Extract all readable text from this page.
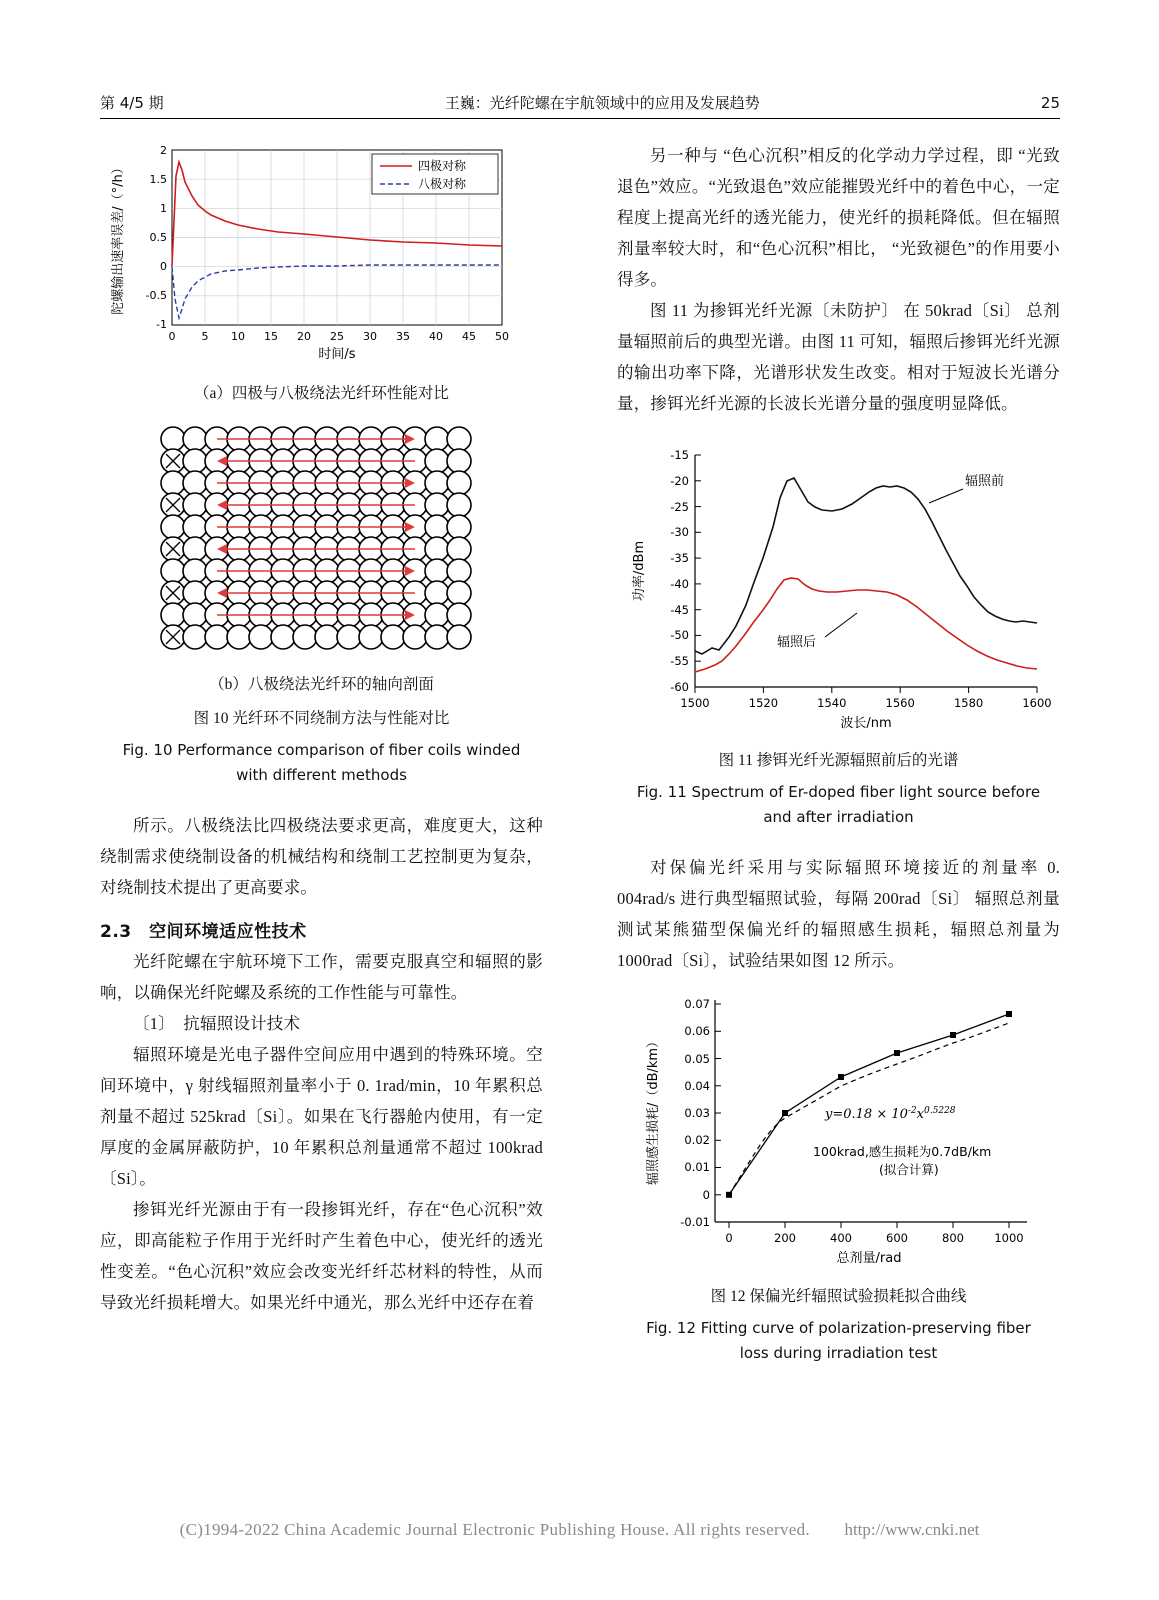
第 4/5 期	王巍：光纤陀螺在宇航领域中的应用及发展趋势	25
2
1.5
1
0.5
0
-0.5
-1
0 5 10 15 20 25 30 35 40 45 50
时间/s
陀螺输出速率误差/（°/h）	四极对称
八极对称
（a）四极与八极绕法光纤环性能对比
（b）八极绕法光纤环的轴向剖面
图 10 光纤环不同绕制方法与性能对比
Fig. 10 Performance comparison of fiber coils winded
with different methods

所示。八极绕法比四极绕法要求更高，难度更大，这种绕制需求使绕制设备的机械结构和绕制工艺控制更为复杂，对绕制技术提出了更高要求。

2.3　空间环境适应性技术

光纤陀螺在宇航环境下工作，需要克服真空和辐照的影响，以确保光纤陀螺及系统的工作性能与可靠性。

〔1〕　抗辐照设计技术

辐照环境是光电子器件空间应用中遇到的特殊环境。空间环境中，γ 射线辐照剂量率小于 0. 1rad/min，10 年累积总剂量不超过 525krad〔Si〕。如果在飞行器舱内使用，有一定厚度的金属屏蔽防护，10 年累积总剂量通常不超过 100krad〔Si〕。

掺铒光纤光源由于有一段掺铒光纤，存在“色心沉积”效应，即高能粒子作用于光纤时产生着色中心，使光纤的透光性变差。“色心沉积”效应会改变光纤纤芯材料的特性，从而导致光纤损耗增大。如果光纤中通光，那么光纤中还存在着

另一种与 “色心沉积”相反的化学动力学过程，即 “光致退色”效应。“光致退色”效应能摧毁光纤中的着色中心，一定程度上提高光纤的透光能力，使光纤的损耗降低。但在辐照剂量率较大时，和“色心沉积”相比， “光致褪色”的作用要小得多。

图 11 为掺铒光纤光源〔未防护〕 在 50krad〔Si〕 总剂量辐照前后的典型光谱。由图 11 可知，辐照后掺铒光纤光源的输出功率下降，光谱形状发生改变。相对于短波长光谱分量，掺铒光纤光源的长波长光谱分量的强度明显降低。

-15
-20
-25
-30
-35
-40
-45
-50
-55
-60
1500	1520	1540	1560	1580	1600
波长/nm
功率/dBm
辐照前
辐照后
图 11 掺铒光纤光源辐照前后的光谱
Fig. 11 Spectrum of Er-doped fiber light source before
and after irradiation

对保偏光纤采用与实际辐照环境接近的剂量率 0. 004rad/s 进行典型辐照试验，每隔 200rad〔Si〕 辐照总剂量测试某熊猫型保偏光纤的辐照感生损耗，辐照总剂量为 1000rad〔Si〕，试验结果如图 12 所示。

0.07
0.06
0.05
0.04
0.03
0.02
0.01
0
-0.01
0	200	400	600	800	1000
总剂量/rad
辐照感生损耗/（dB/km）	$y=0.18 \times 10^{-2}x^{0.5228}$
100krad,感生损耗为0.7dB/km
(拟合计算)
图 12 保偏光纤辐照试验损耗拟合曲线
Fig. 12 Fitting curve of polarization-preserving fiber
loss during irradiation test
(C)1994-2022 China Academic Journal Electronic Publishing House. All rights reserved. http://www.cnki.net
